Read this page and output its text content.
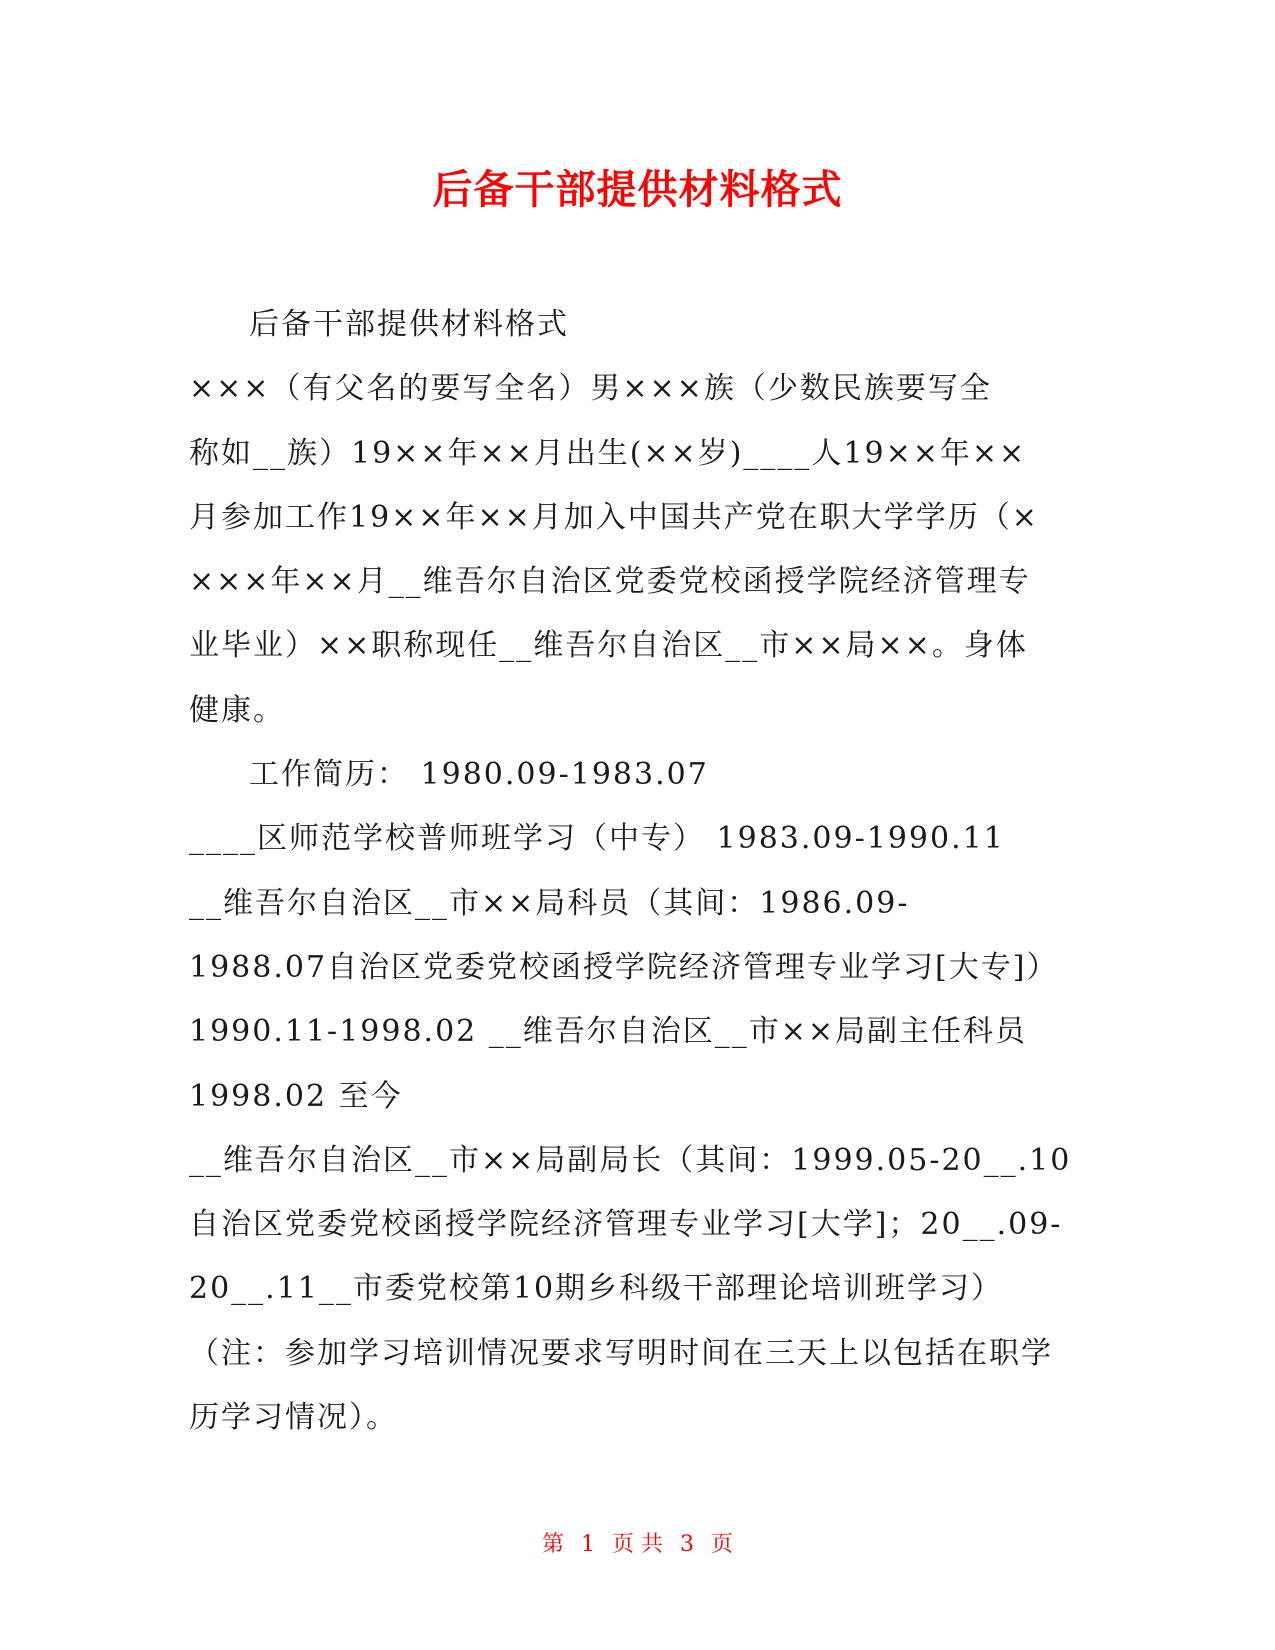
后备干部提供材料格式
后备干部提供材料格式
×××（有父名的要写全名）男×××族（少数民族要写全
称如__族）19××年××月出生(××岁)____人19××年××
月参加工作19××年××月加入中国共产党在职大学学历（×
×××年××月__维吾尔自治区党委党校函授学院经济管理专
业毕业）××职称现任__维吾尔自治区__市××局××。身体
健康。
工作简历： 1980.09-1983.07
____区师范学校普师班学习（中专） 1983.09-1990.11
__维吾尔自治区__市××局科员（其间：1986.09-
1988.07自治区党委党校函授学院经济管理专业学习[大专]）
1990.11-1998.02 __维吾尔自治区__市××局副主任科员
1998.02 至今
__维吾尔自治区__市××局副局长（其间：1999.05-20__.10
自治区党委党校函授学院经济管理专业学习[大学]；20__.09-
20__.11__市委党校第10期乡科级干部理论培训班学习）
（注：参加学习培训情况要求写明时间在三天上以包括在职学
历学习情况）。
第 1 页 共 3 页
